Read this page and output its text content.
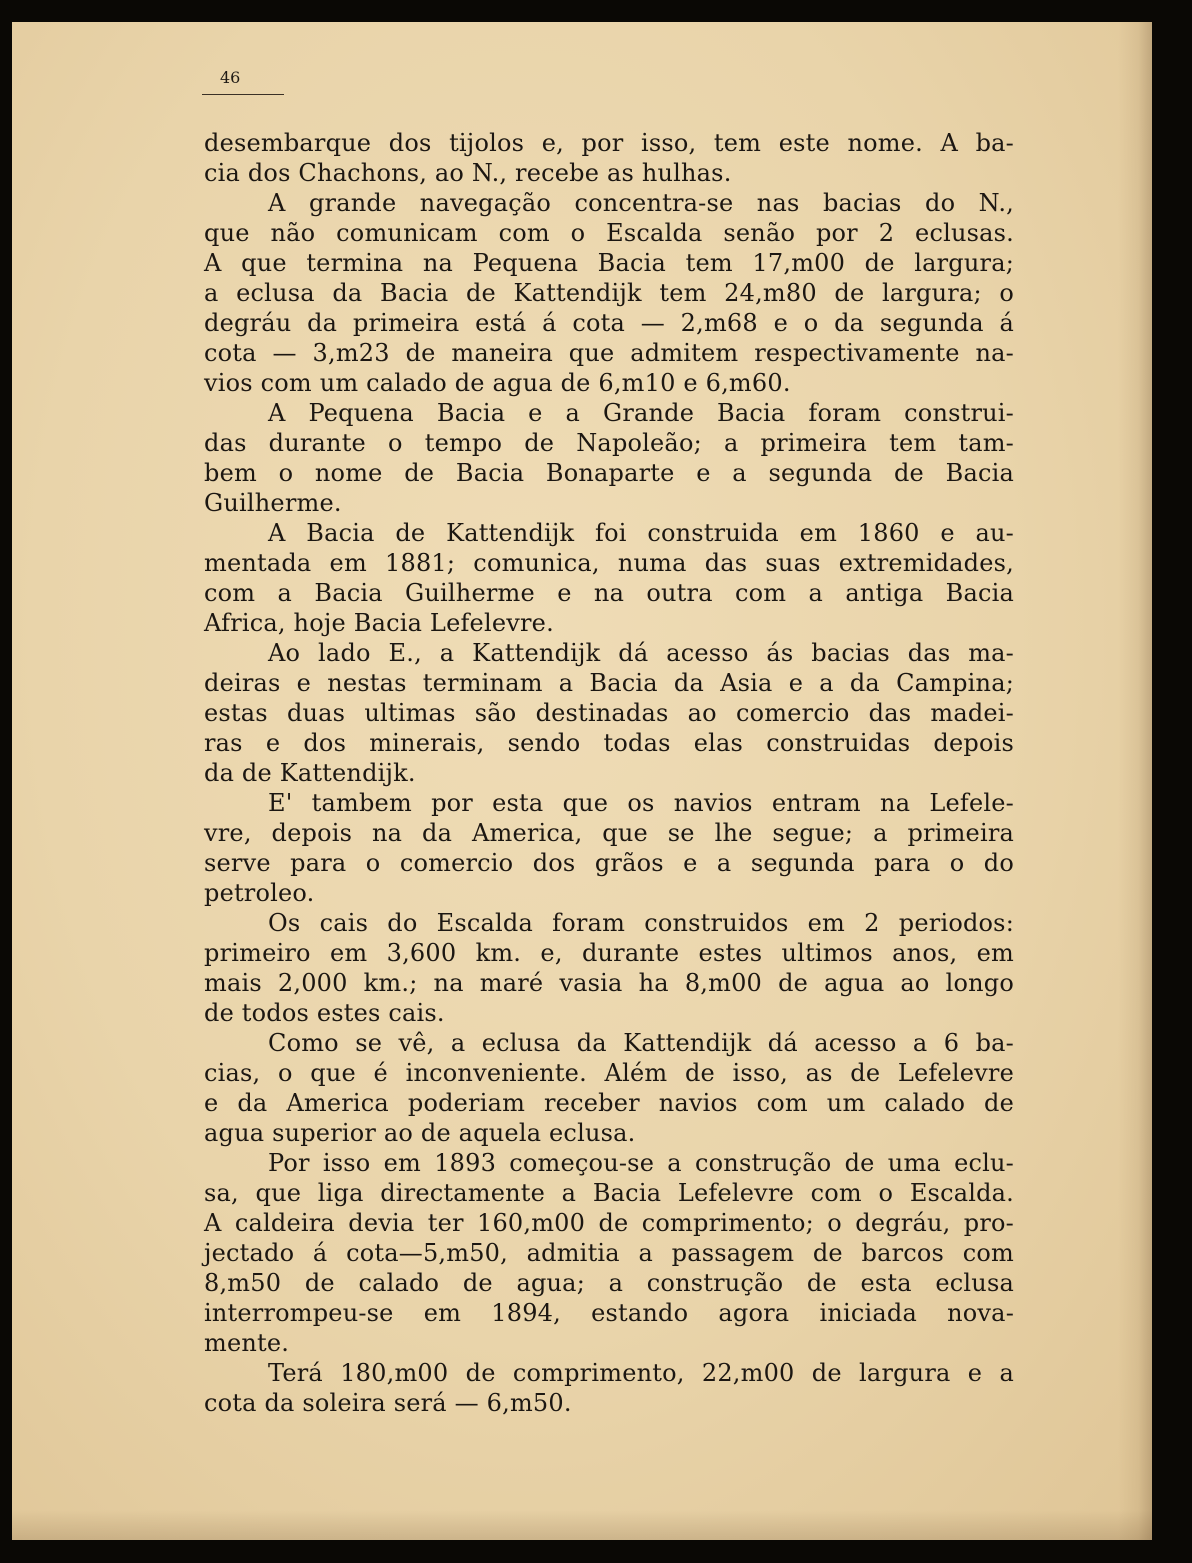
46
desembarque dos tijolos e, por isso, tem este nome. A ba-
cia dos Chachons, ao N., recebe as hulhas.
A grande navegação concentra-se nas bacias do N.,
que não comunicam com o Escalda senão por 2 eclusas.
A que termina na Pequena Bacia tem 17,m00 de largura;
a eclusa da Bacia de Kattendijk tem 24,m80 de largura; o
degráu da primeira está á cota — 2,m68 e o da segunda á
cota — 3,m23 de maneira que admitem respectivamente na-
vios com um calado de agua de 6,m10 e 6,m60.
A Pequena Bacia e a Grande Bacia foram construi-
das durante o tempo de Napoleão; a primeira tem tam-
bem o nome de Bacia Bonaparte e a segunda de Bacia
Guilherme.
A Bacia de Kattendijk foi construida em 1860 e au-
mentada em 1881; comunica, numa das suas extremidades,
com a Bacia Guilherme e na outra com a antiga Bacia
Africa, hoje Bacia Lefelevre.
Ao lado E., a Kattendijk dá acesso ás bacias das ma-
deiras e nestas terminam a Bacia da Asia e a da Campina;
estas duas ultimas são destinadas ao comercio das madei-
ras e dos minerais, sendo todas elas construidas depois
da de Kattendijk.
E' tambem por esta que os navios entram na Lefele-
vre, depois na da America, que se lhe segue; a primeira
serve para o comercio dos grãos e a segunda para o do
petroleo.
Os cais do Escalda foram construidos em 2 periodos:
primeiro em 3,600 km. e, durante estes ultimos anos, em
mais 2,000 km.; na maré vasia ha 8,m00 de agua ao longo
de todos estes cais.
Como se vê, a eclusa da Kattendijk dá acesso a 6 ba-
cias, o que é inconveniente. Além de isso, as de Lefelevre
e da America poderiam receber navios com um calado de
agua superior ao de aquela eclusa.
Por isso em 1893 começou-se a construção de uma eclu-
sa, que liga directamente a Bacia Lefelevre com o Escalda.
A caldeira devia ter 160,m00 de comprimento; o degráu, pro-
jectado á cota—5,m50, admitia a passagem de barcos com
8,m50 de calado de agua; a construção de esta eclusa
interrompeu-se em 1894, estando agora iniciada nova-
mente.
Terá 180,m00 de comprimento, 22,m00 de largura e a
cota da soleira será — 6,m50.
